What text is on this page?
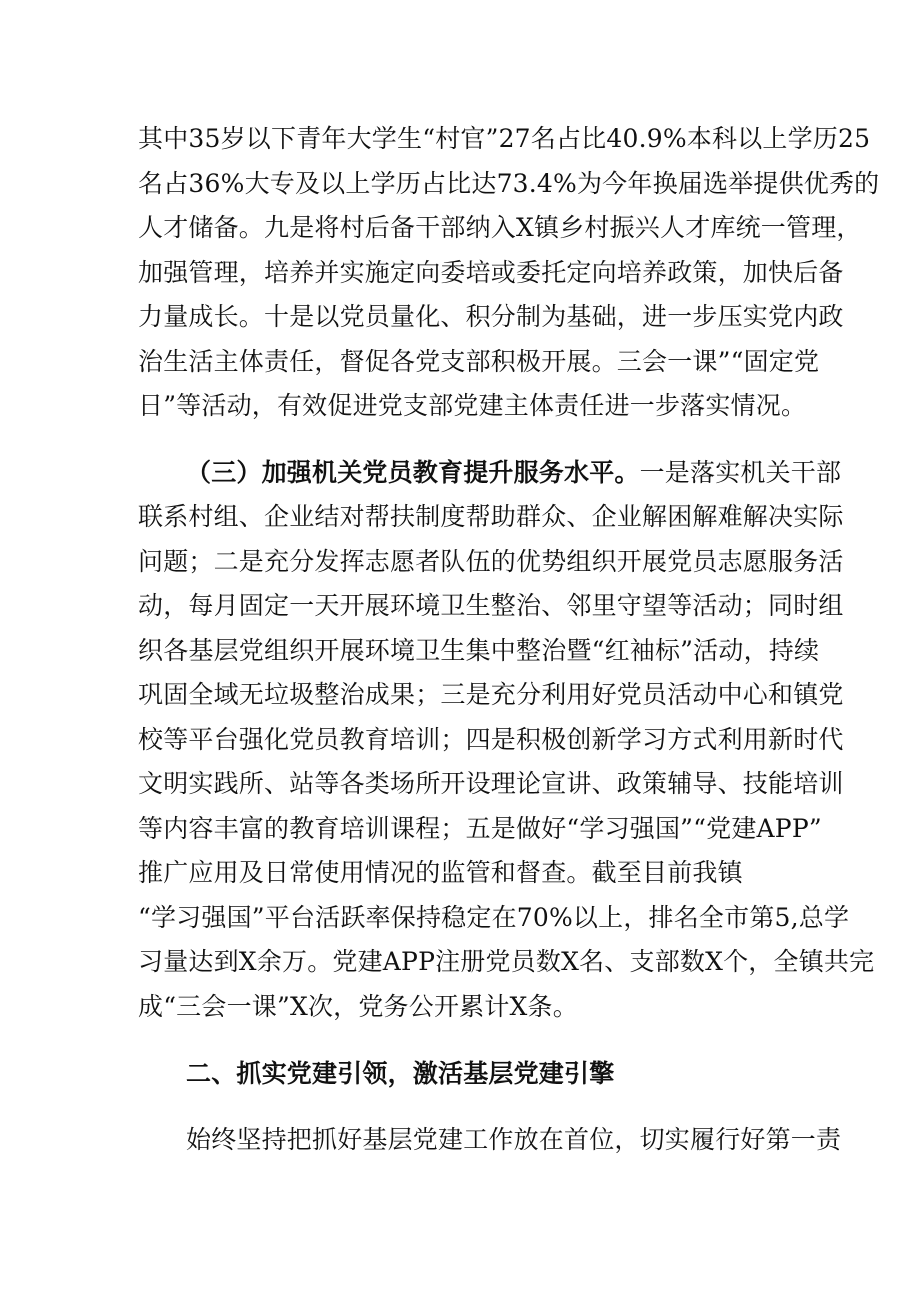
其中35岁以下青年大学生“村官”27名占比40.9%本科以上学历25
名占36%大专及以上学历占比达73.4%为今年换届选举提供优秀的
人才储备。九是将村后备干部纳入X镇乡村振兴人才库统一管理，
加强管理，培养并实施定向委培或委托定向培养政策，加快后备
力量成长。十是以党员量化、积分制为基础，进一步压实党内政
治生活主体责任，督促各党支部积极开展。三会一课”“固定党
日”等活动，有效促进党支部党建主体责任进一步落实情况。
（三）加强机关党员教育提升服务水平。一是落实机关干部
联系村组、企业结对帮扶制度帮助群众、企业解困解难解决实际
问题；二是充分发挥志愿者队伍的优势组织开展党员志愿服务活
动，每月固定一天开展环境卫生整治、邻里守望等活动；同时组
织各基层党组织开展环境卫生集中整治暨“红袖标”活动，持续
巩固全域无垃圾整治成果；三是充分利用好党员活动中心和镇党
校等平台强化党员教育培训；四是积极创新学习方式利用新时代
文明实践所、站等各类场所开设理论宣讲、政策辅导、技能培训
等内容丰富的教育培训课程；五是做好“学习强国”“党建APP”
推广应用及日常使用情况的监管和督查。截至目前我镇
“学习强国”平台活跃率保持稳定在70%以上，排名全市第5,总学
习量达到X余万。党建APP注册党员数X名、支部数X个，全镇共完
成“三会一课”X次，党务公开累计X条。
二、抓实党建引领，激活基层党建引擎
始终坚持把抓好基层党建工作放在首位，切实履行好第一责
